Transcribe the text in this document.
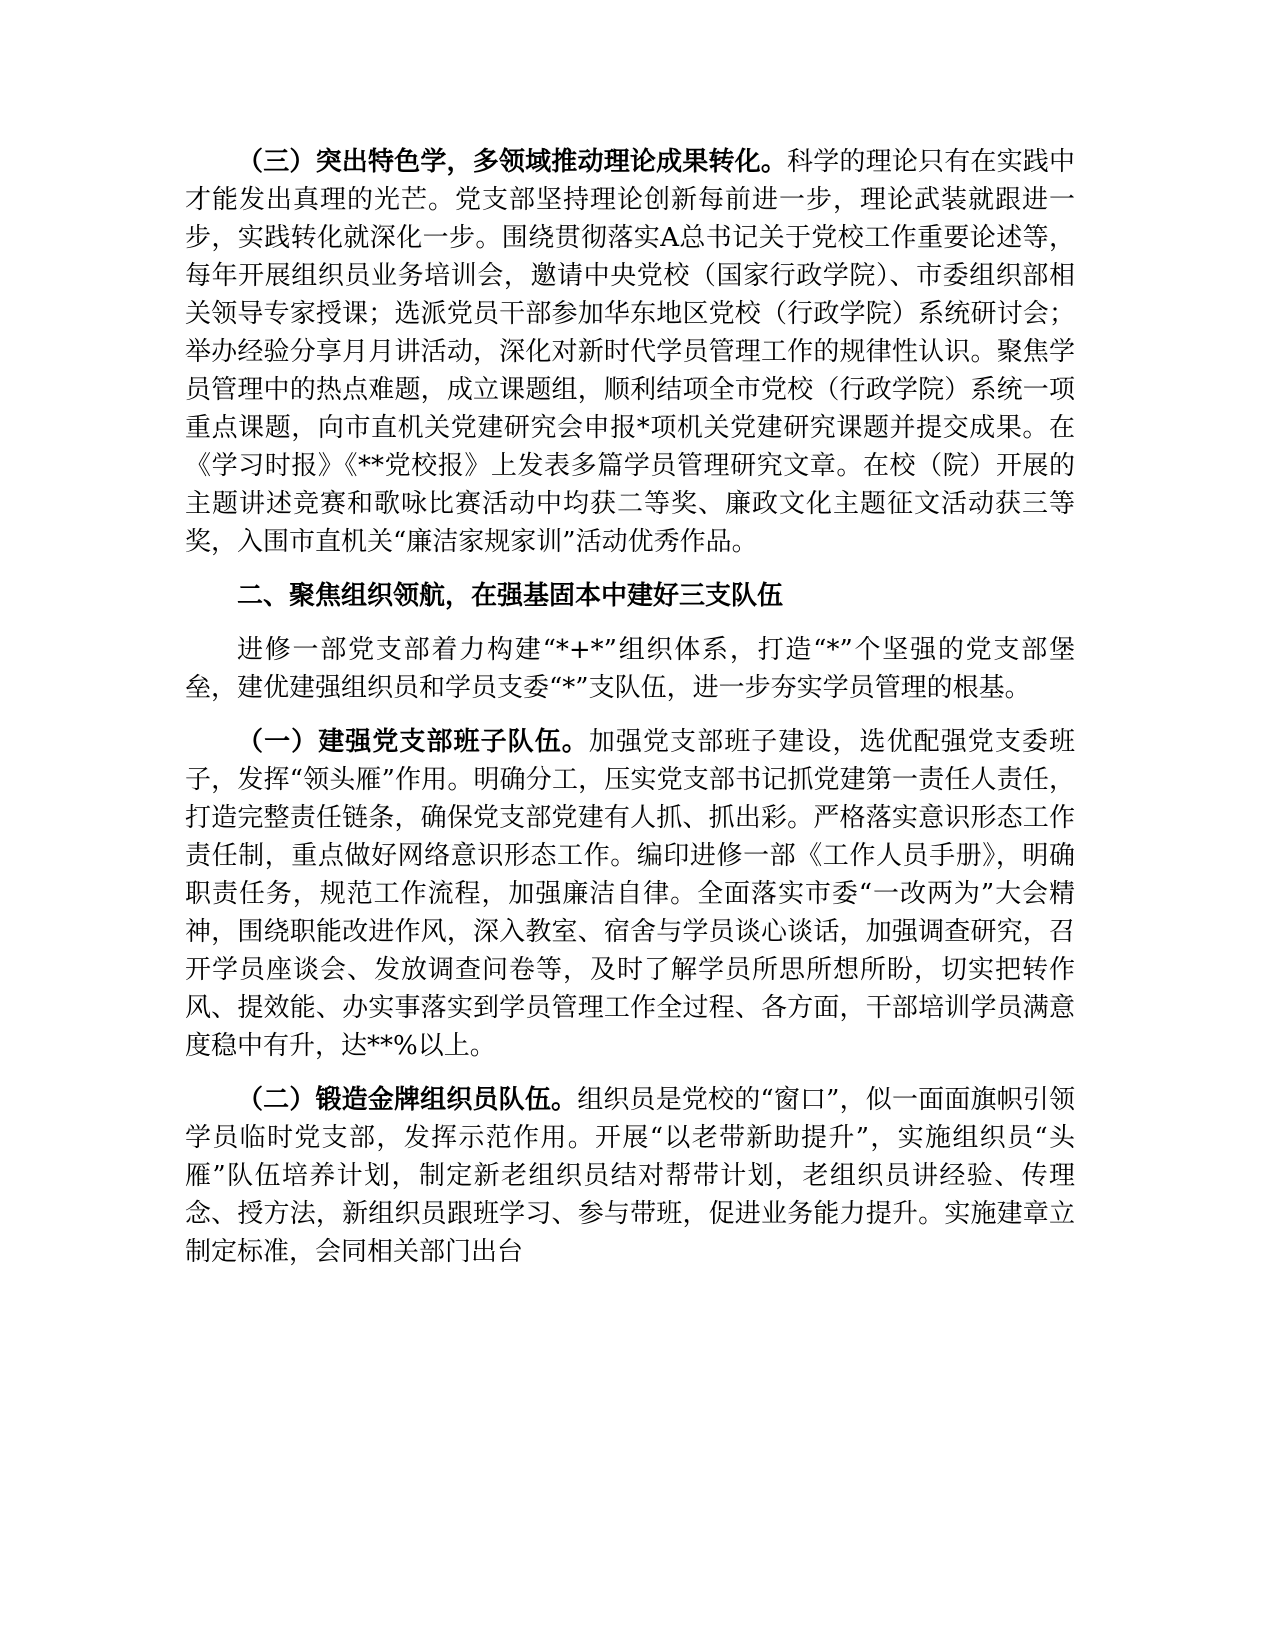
（三）突出特色学，多领域推动理论成果转化。科学的理论只有在实践中才能发出真理的光芒。党支部坚持理论创新每前进一步，理论武装就跟进一步，实践转化就深化一步。围绕贯彻落实A总书记关于党校工作重要论述等，每年开展组织员业务培训会，邀请中央党校（国家行政学院）、市委组织部相关领导专家授课；选派党员干部参加华东地区党校（行政学院）系统研讨会；举办经验分享月月讲活动，深化对新时代学员管理工作的规律性认识。聚焦学员管理中的热点难题，成立课题组，顺利结项全市党校（行政学院）系统一项重点课题，向市直机关党建研究会申报*项机关党建研究课题并提交成果。在《学习时报》《**党校报》上发表多篇学员管理研究文章。在校（院）开展的主题讲述竞赛和歌咏比赛活动中均获二等奖、廉政文化主题征文活动获三等奖，入围市直机关“廉洁家规家训”活动优秀作品。

二、聚焦组织领航，在强基固本中建好三支队伍

进修一部党支部着力构建“*+*”组织体系，打造“*”个坚强的党支部堡垒，建优建强组织员和学员支委“*”支队伍，进一步夯实学员管理的根基。

（一）建强党支部班子队伍。加强党支部班子建设，选优配强党支委班子，发挥“领头雁”作用。明确分工，压实党支部书记抓党建第一责任人责任，打造完整责任链条，确保党支部党建有人抓、抓出彩。严格落实意识形态工作责任制，重点做好网络意识形态工作。编印进修一部《工作人员手册》，明确职责任务，规范工作流程，加强廉洁自律。全面落实市委“一改两为”大会精神，围绕职能改进作风，深入教室、宿舍与学员谈心谈话，加强调查研究，召开学员座谈会、发放调查问卷等，及时了解学员所思所想所盼，切实把转作风、提效能、办实事落实到学员管理工作全过程、各方面，干部培训学员满意度稳中有升，达**%以上。

（二）锻造金牌组织员队伍。组织员是党校的“窗口”，似一面面旗帜引领学员临时党支部，发挥示范作用。开展“以老带新助提升”，实施组织员“头雁”队伍培养计划，制定新老组织员结对帮带计划，老组织员讲经验、传理念、授方法，新组织员跟班学习、参与带班，促进业务能力提升。实施建章立制定标准，会同相关部门出台
